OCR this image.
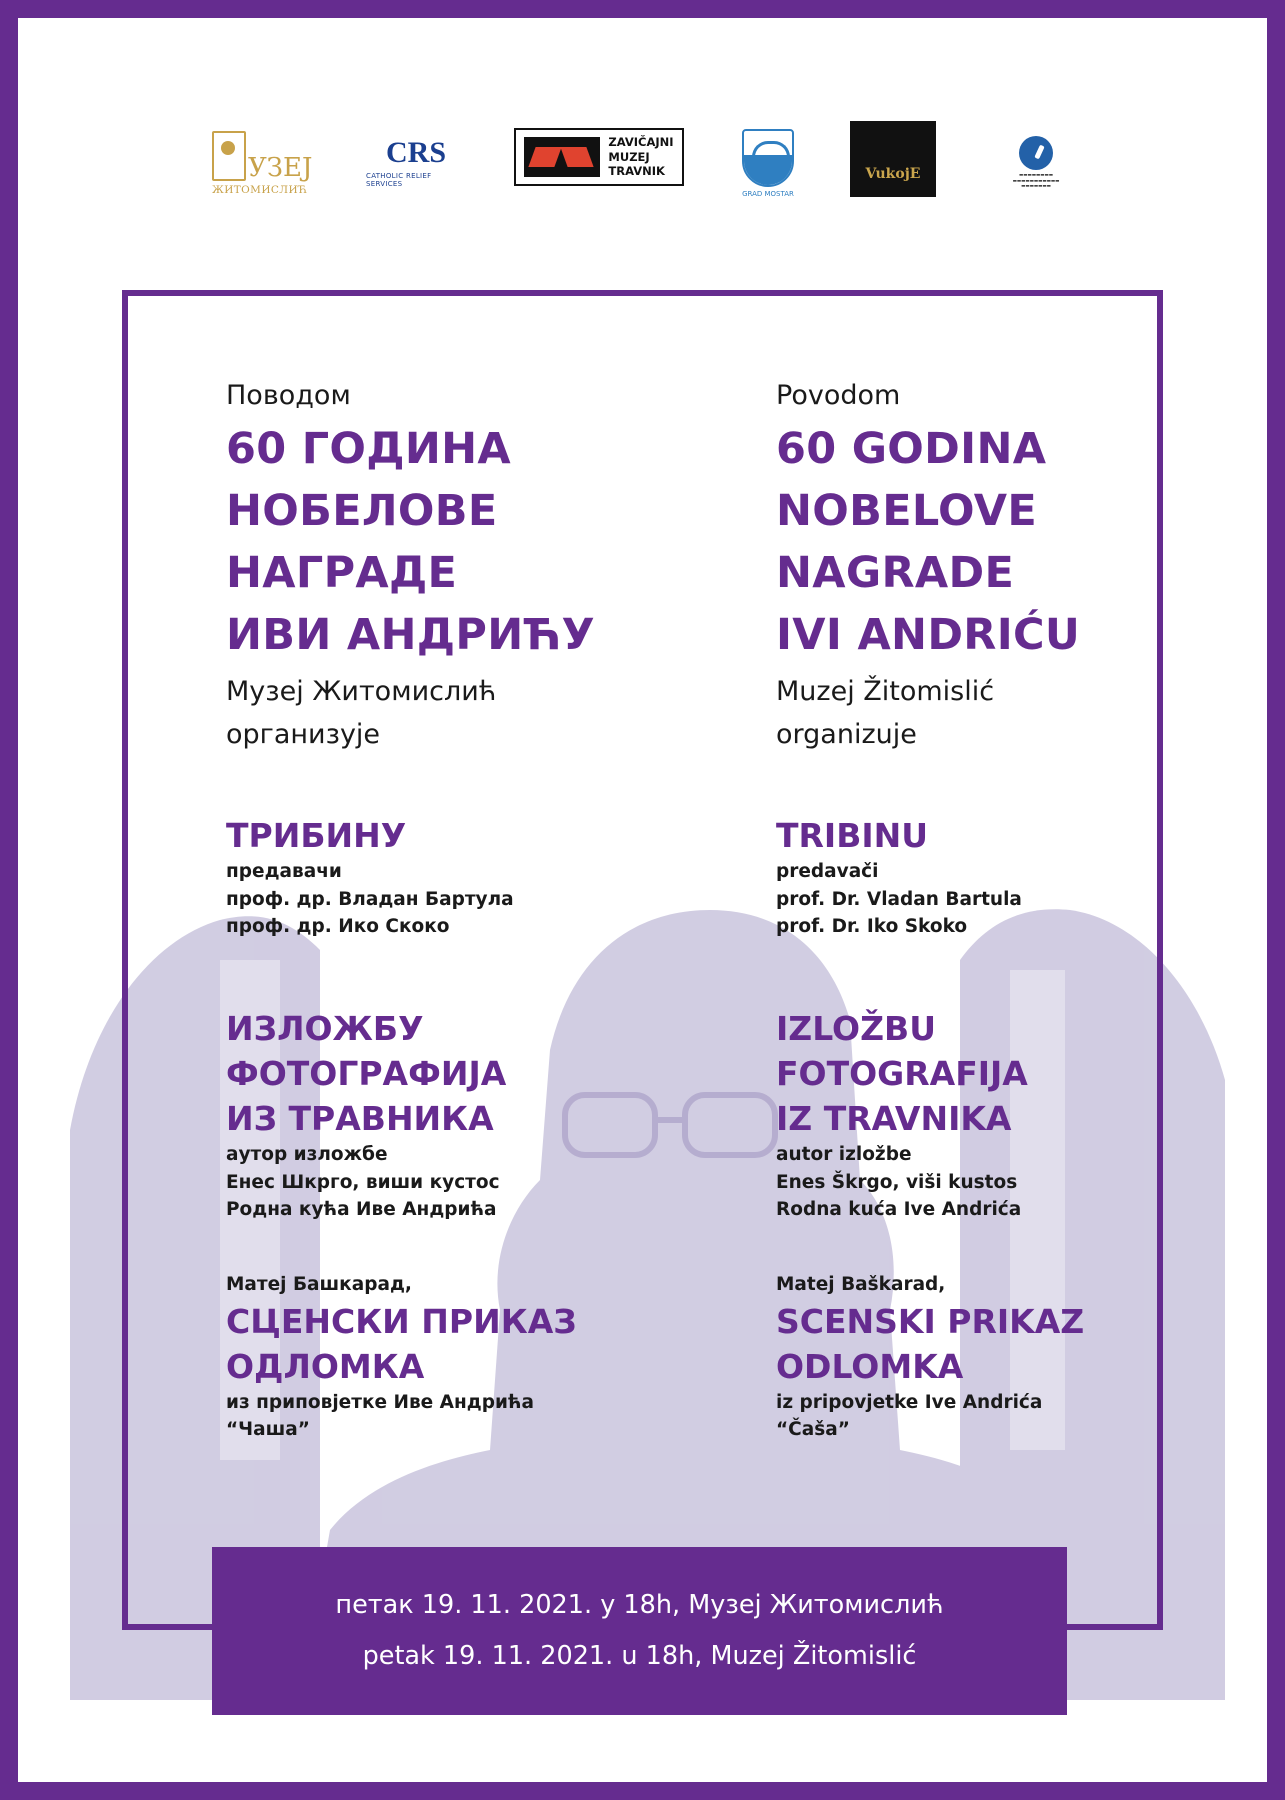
УЗЕЈ
ЖИТОМИСЛИЋ
CRS
CATHOLIC RELIEF SERVICES
ZAVIČAJNI
MUZEJ
TRAVNIK
GRAD MOSTAR
VukojE	▬▬▬▬▬▬▬▬
▬▬▬▬▬▬▬▬▬▬▬
▬▬▬▬▬▬▬

Поводом

60 ГОДИНА
НОБЕЛОВЕ
НАГРАДЕ
ИВИ АНДРИЋУ
Музеј Житомислић
организује
ТРИБИНУ

предавачи

проф. др. Владан Бартула

проф. др. Ико Скоко

ИЗЛОЖБУ
ФОТОГРАФИЈА
ИЗ ТРАВНИКА

аутор изложбе

Енес Шкрго, виши кустос

Родна кућа Иве Андрића

Матеј Башкарад,

СЦЕНСКИ ПРИКАЗ
ОДЛОМКА

из приповјетке Иве Андрића

“Чаша”

Povodom

60 GODINA
NOBELOVE
NAGRADE
IVI ANDRIĆU
Muzej Žitomislić
organizuje
TRIBINU

predavači

prof. Dr. Vladan Bartula

prof. Dr. Iko Skoko

IZLOŽBU
FOTOGRAFIJA
IZ TRAVNIKA

autor izložbe

Enes Škrgo, viši kustos

Rodna kuća Ive Andrića

Matej Baškarad,

SCENSKI PRIKAZ
ODLOMKA

iz pripovjetke Ive Andrića

“Čaša”

петак 19. 11. 2021. у 18h, Музеј Житомислић
petak 19. 11. 2021. u 18h, Muzej Žitomislić
